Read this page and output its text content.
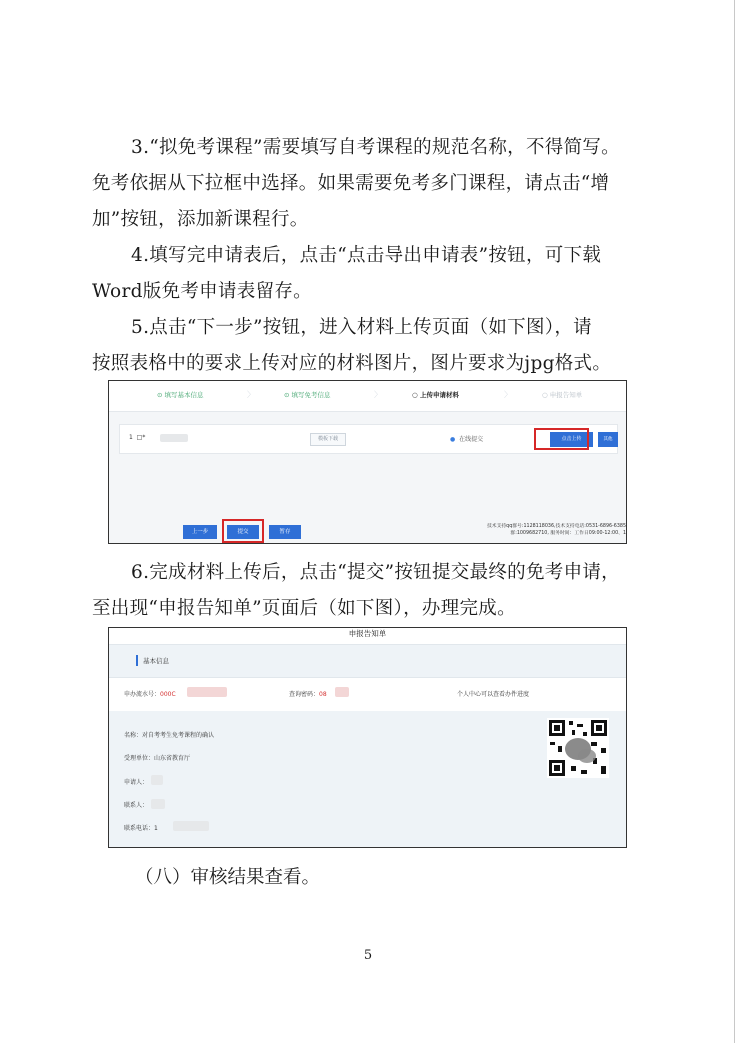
3.“拟免考课程”需要填写自考课程的规范名称，不得简写。
免考依据从下拉框中选择。如果需要免考多门课程，请点击“增
加”按钮，添加新课程行。

4.填写完申请表后，点击“点击导出申请表”按钮，可下载
Word版免考申请表留存。

5.点击“下一步”按钮，进入材料上传页面（如下图），请
按照表格中的要求上传对应的材料图片，图片要求为jpg格式。

⊙ 填写基本信息	〉	⊙ 填写免考信息	〉	○ 上传申请材料	〉	○ 申报告知单
1 □*	模板下载	● 在线提交	点击上传	其他
上一步	提交	暂存
技术支持qq群号:1128118036,技术支持电话:0531-6896-6385
群:1009682710, 服务时间：工作日09:00-12:00、1

6.完成材料上传后，点击“提交”按钮提交最终的免考申请，
至出现“申报告知单”页面后（如下图），办理完成。

申报告知单
基本信息
申办流水号：000C	查询密码：08	个人中心可以查看办件进度
名称：对自考考生免考课程的确认
受理单位：山东省教育厅
申请人：
联系人：
联系电话：1

（八）审核结果查看。

5
